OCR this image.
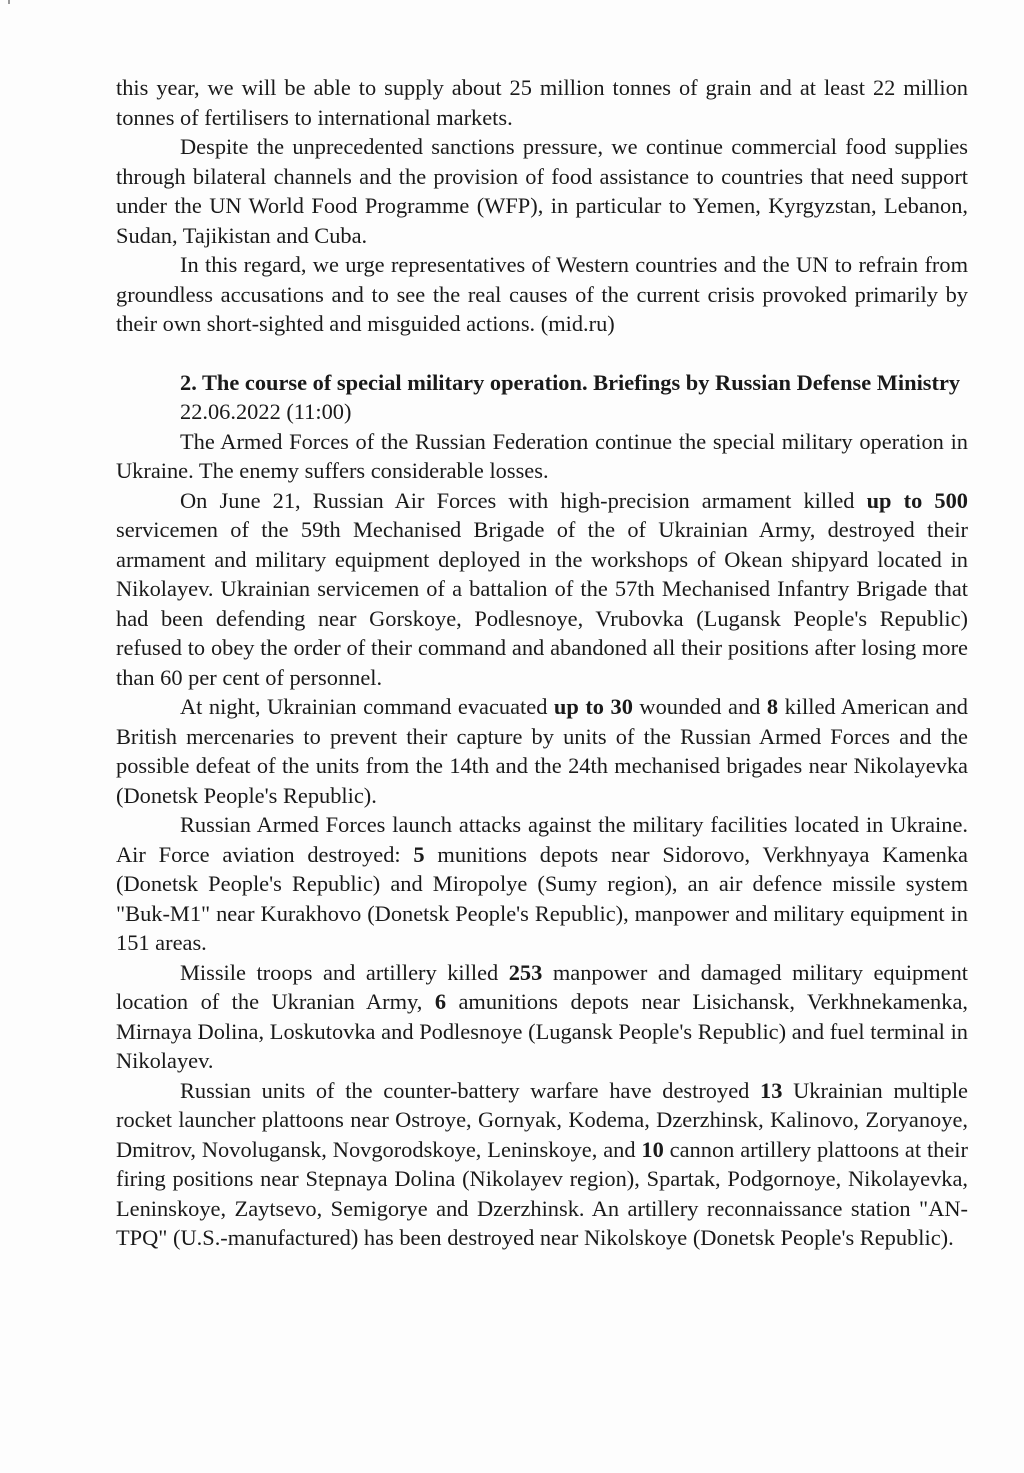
this year, we will be able to supply about 25 million tonnes of grain and at least 22 million tonnes of fertilisers to international markets.

Despite the unprecedented sanctions pressure, we continue commercial food supplies through bilateral channels and the provision of food assistance to countries that need support under the UN World Food Programme (WFP), in particular to Yemen, Kyrgyzstan, Lebanon, Sudan, Tajikistan and Cuba.

In this regard, we urge representatives of Western countries and the UN to refrain from groundless accusations and to see the real causes of the current crisis provoked primarily by their own short-sighted and misguided actions. (mid.ru)

2. The course of special military operation. Briefings by Russian Defense Ministry

22.06.2022 (11:00)

The Armed Forces of the Russian Federation continue the special military operation in Ukraine. The enemy suffers considerable losses.

On June 21, Russian Air Forces with high-precision armament killed up to 500 servicemen of the 59th Mechanised Brigade of the of Ukrainian Army, destroyed their armament and military equipment deployed in the workshops of Okean shipyard located in Nikolayev. Ukrainian servicemen of a battalion of the 57th Mechanised Infantry Brigade that had been defending near Gorskoye, Podlesnoye, Vrubovka (Lugansk People's Republic) refused to obey the order of their command and abandoned all their positions after losing more than 60 per cent of personnel.

At night, Ukrainian command evacuated up to 30 wounded and 8 killed American and British mercenaries to prevent their capture by units of the Russian Armed Forces and the possible defeat of the units from the 14th and the 24th mechanised brigades near Nikolayevka (Donetsk People's Republic).

Russian Armed Forces launch attacks against the military facilities located in Ukraine. Air Force aviation destroyed: 5 munitions depots near Sidorovo, Verkhnyaya Kamenka (Donetsk People's Republic) and Miropolye (Sumy region), an air defence missile system "Buk-M1" near Kurakhovo (Donetsk People's Republic), manpower and military equipment in 151 areas.

Missile troops and artillery killed 253 manpower and damaged military equipment location of the Ukranian Army, 6 amunitions depots near Lisichansk, Verkhnekamenka, Mirnaya Dolina, Loskutovka and Podlesnoye (Lugansk People's Republic) and fuel terminal in Nikolayev.

Russian units of the counter-battery warfare have destroyed 13 Ukrainian multiple rocket launcher plattoons near Ostroye, Gornyak, Kodema, Dzerzhinsk, Kalinovo, Zoryanoye, Dmitrov, Novolugansk, Novgorodskoye, Leninskoye, and 10 cannon artillery plattoons at their firing positions near Stepnaya Dolina (Nikolayev region), Spartak, Podgornoye, Nikolayevka, Leninskoye, Zaytsevo, Semigorye and Dzerzhinsk. An artillery reconnaissance station "AN-TPQ" (U.S.-manufactured) has been destroyed near Nikolskoye (Donetsk People's Republic).
